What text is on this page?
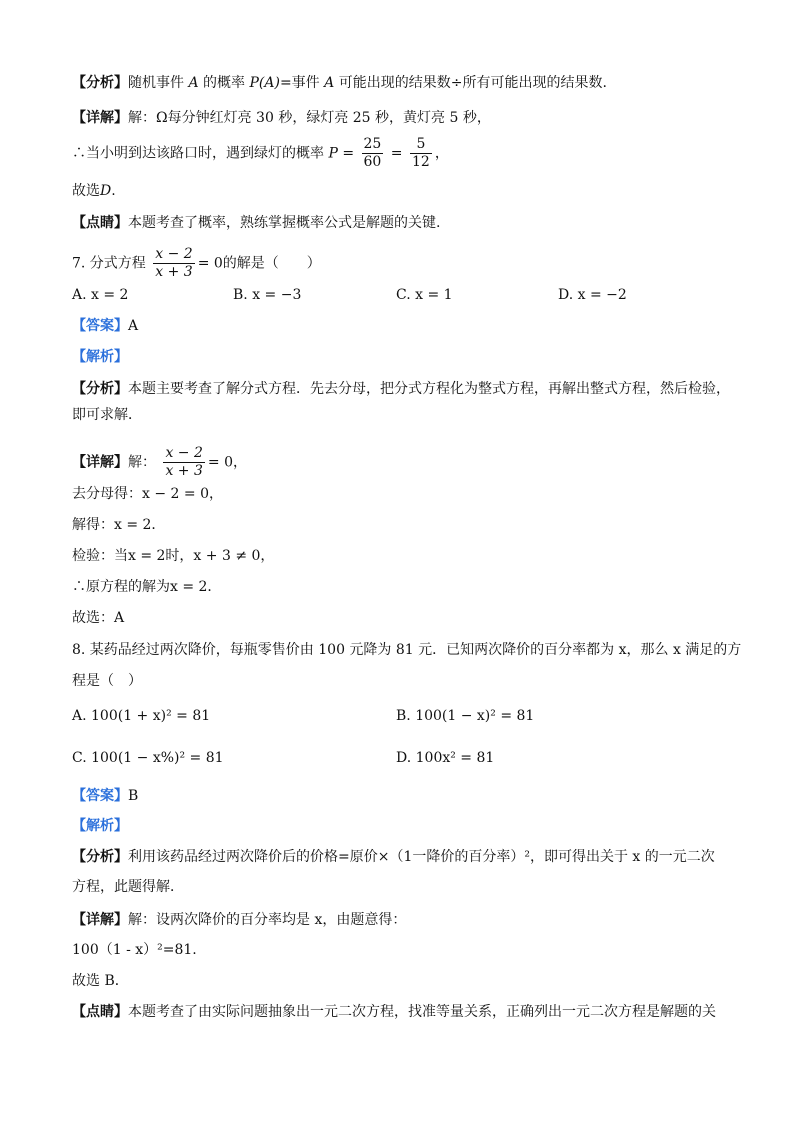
【分析】随机事件 A 的概率 P(A)=事件 A 可能出现的结果数÷所有可能出现的结果数.
【详解】解：Ω每分钟红灯亮 30 秒，绿灯亮 25 秒，黄灯亮 5 秒，
∴当小明到达该路口时，遇到绿灯的概率 $P = \frac{25}{60} = \frac{5}{12}$ ，
故选D.
【点睛】本题考查了概率，熟练掌握概率公式是解题的关键.
7. 分式方程 $\frac{x - 2}{x + 3} = 0$的解是（　　）
A. x = 2	B. x = −3	C. x = 1	D. x = −2
【答案】A
【解析】
【分析】本题主要考查了解分式方程．先去分母，把分式方程化为整式方程，再解出整式方程，然后检验，
即可求解．
【详解】解： $\frac{x - 2}{x + 3} = 0$，
去分母得：x − 2 = 0，
解得：x = 2．
检验：当x = 2时，x + 3 ≠ 0，
∴原方程的解为x = 2．
故选：A
8. 某药品经过两次降价，每瓶零售价由 100 元降为 81 元．已知两次降价的百分率都为 x，那么 x 满足的方
程是（　）
A. 100(1 + x)² = 81	B. 100(1 − x)² = 81
C. 100(1 − x%)² = 81	D. 100x² = 81
【答案】B
【解析】
【分析】利用该药品经过两次降价后的价格=原价×（1一降价的百分率）²，即可得出关于 x 的一元二次
方程，此题得解．
【详解】解：设两次降价的百分率均是 x，由题意得：
100（1 - x）²=81.
故选 B．
【点睛】本题考查了由实际问题抽象出一元二次方程，找准等量关系，正确列出一元二次方程是解题的关
